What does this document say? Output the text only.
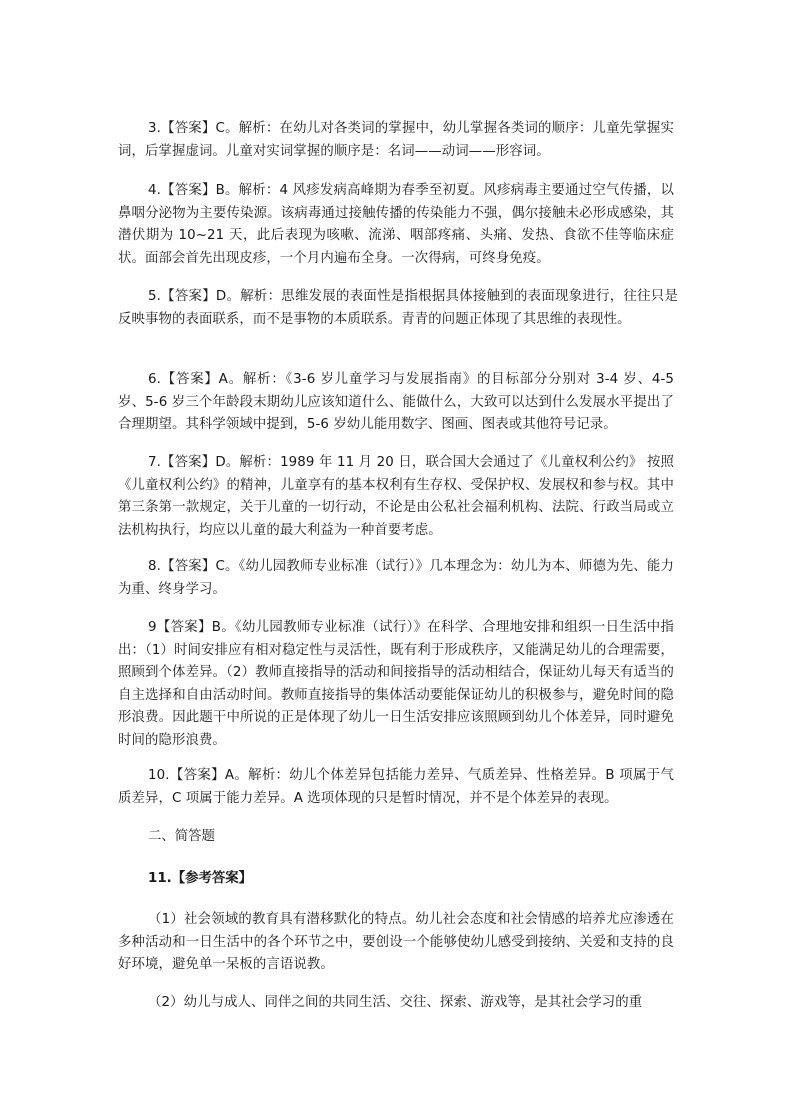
3.【答案】C。解析：在幼儿对各类词的掌握中，幼儿掌握各类词的顺序：儿童先掌握实词，后掌握虚词。儿童对实词掌握的顺序是：名词——动词——形容词。

4.【答案】B。解析：4 风疹发病高峰期为春季至初夏。风疹病毒主要通过空气传播，以鼻咽分泌物为主要传染源。该病毒通过接触传播的传染能力不强，偶尔接触未必形成感染，其潜伏期为 10~21 天，此后表现为咳嗽、流涕、咽部疼痛、头痛、发热、食欲不佳等临床症状。面部会首先出现皮疹，一个月内遍布全身。一次得病，可终身免疫。

5.【答案】D。解析：思维发展的表面性是指根据具体接触到的表面现象进行，往往只是反映事物的表面联系，而不是事物的本质联系。青青的问题正体现了其思维的表现性。

6.【答案】A。解析：《3-6 岁儿童学习与发展指南》的目标部分分别对 3-4 岁、4-5 岁、5-6 岁三个年龄段末期幼儿应该知道什么、能做什么，大致可以达到什么发展水平提出了合理期望。其科学领域中提到，5-6 岁幼儿能用数字、图画、图表或其他符号记录。

7.【答案】D。解析：1989 年 11 月 20 日，联合国大会通过了《儿童权利公约》 按照《儿童权利公约》的精神，儿童享有的基本权利有生存权、受保护权、发展权和参与权。其中第三条第一款规定，关于儿童的一切行动，不论是由公私社会福利机构、法院、行政当局或立法机构执行，均应以儿童的最大利益为一种首要考虑。

8.【答案】C。《幼儿园教师专业标准（试行）》几本理念为：幼儿为本、师德为先、能力为重、终身学习。

9【答案】B。《幼儿园教师专业标准（试行）》在科学、合理地安排和组织一日生活中指出：（1）时间安排应有相对稳定性与灵活性，既有利于形成秩序，又能满足幼儿的合理需要，照顾到个体差异。（2）教师直接指导的活动和间接指导的活动相结合，保证幼儿每天有适当的自主选择和自由活动时间。教师直接指导的集体活动要能保证幼儿的积极参与，避免时间的隐形浪费。因此题干中所说的正是体现了幼儿一日生活安排应该照顾到幼儿个体差异，同时避免时间的隐形浪费。

10.【答案】A。解析：幼儿个体差异包括能力差异、气质差异、性格差异。B 项属于气质差异，C 项属于能力差异。A 选项体现的只是暂时情况，并不是个体差异的表现。

二、简答题

11.【参考答案】

（1）社会领域的教育具有潜移默化的特点。幼儿社会态度和社会情感的培养尤应渗透在多种活动和一日生活中的各个环节之中，要创设一个能够使幼儿感受到接纳、关爱和支持的良好环境，避免单一呆板的言语说教。

（2）幼儿与成人、同伴之间的共同生活、交往、探索、游戏等，是其社会学习的重
